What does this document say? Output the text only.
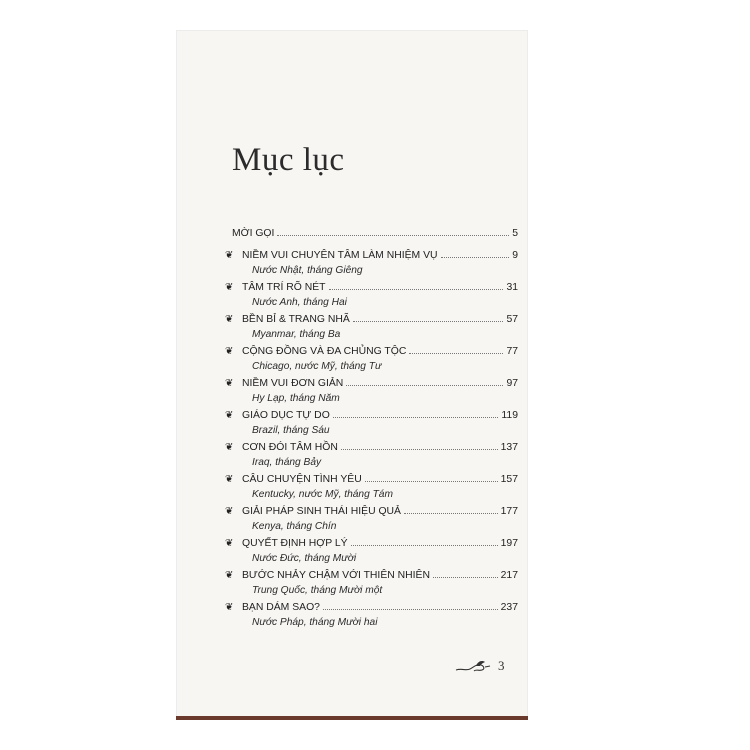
Mục lục
MỜI GỌI	5
❦ NIỀM VUI CHUYÊN TÂM LÀM NHIỆM VỤ	9
Nước Nhật, tháng Giêng
❦ TÂM TRÍ RÕ NÉT	31
Nước Anh, tháng Hai
❦ BỀN BỈ & TRANG NHÃ	57
Myanmar, tháng Ba
❦ CỘNG ĐỒNG VÀ ĐA CHỦNG TỘC	77
Chicago, nước Mỹ, tháng Tư
❦ NIỀM VUI ĐƠN GIẢN	97
Hy Lạp, tháng Năm
❦ GIÁO DỤC TỰ DO	119
Brazil, tháng Sáu
❦ CƠN ĐÓI TÂM HỒN	137
Iraq, tháng Bảy
❦ CÂU CHUYỆN TÌNH YÊU	157
Kentucky, nước Mỹ, tháng Tám
❦ GIẢI PHÁP SINH THÁI HIỆU QUẢ	177
Kenya, tháng Chín
❦ QUYẾT ĐỊNH HỢP LÝ	197
Nước Đức, tháng Mười
❦ BƯỚC NHẢY CHẬM VỚI THIÊN NHIÊN	217
Trung Quốc, tháng Mười một
❦ BẠN DÁM SAO?	237
Nước Pháp, tháng Mười hai
3
